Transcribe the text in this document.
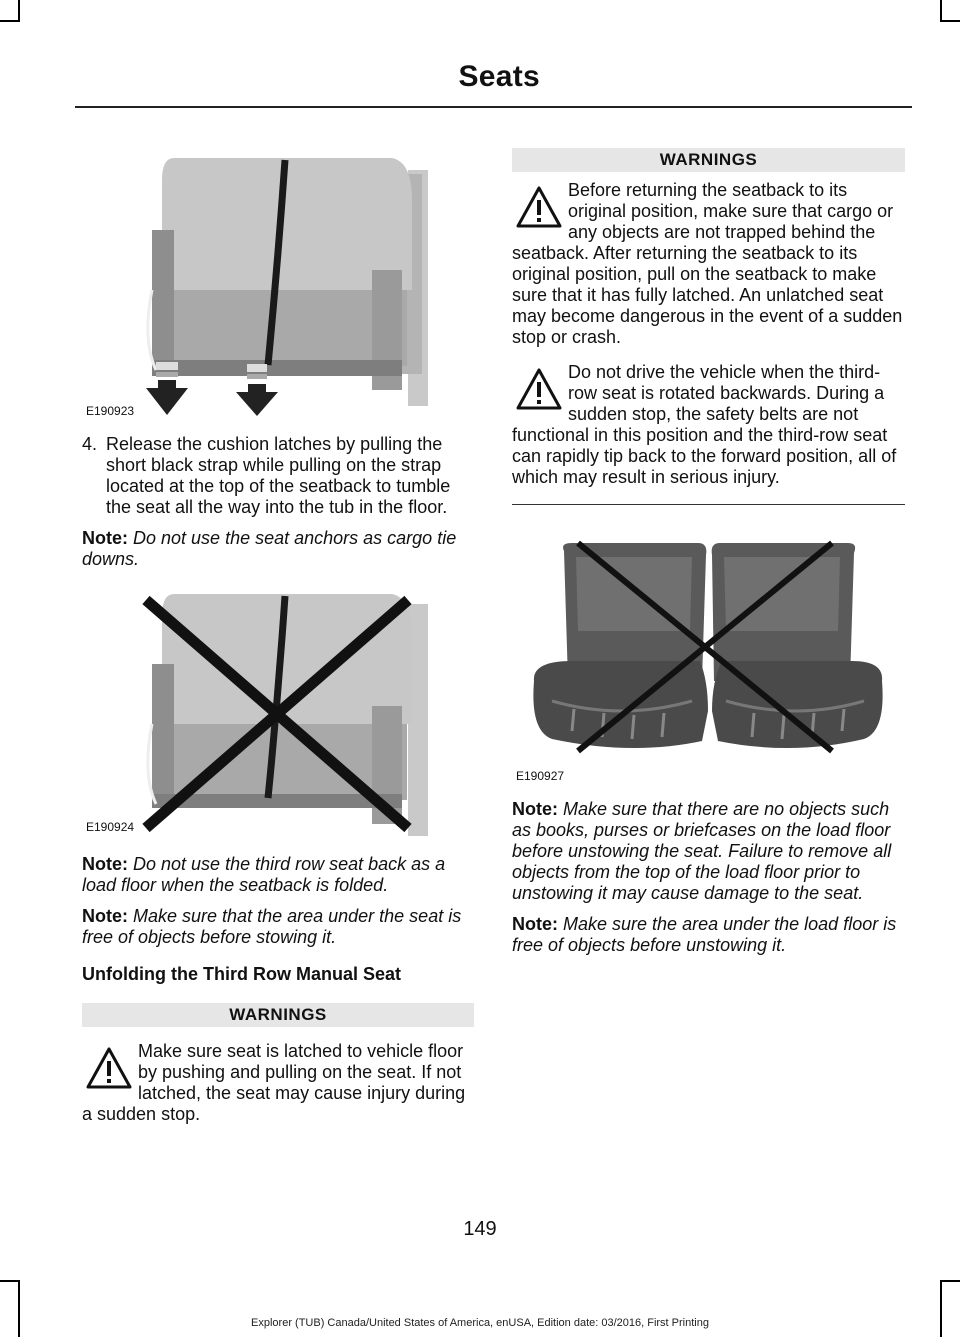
Seats
E190923
4. Release the cushion latches by pulling the short black strap while pulling on the strap located at the top of the seatback to tumble the seat all the way into the tub in the floor.

Note: Do not use the seat anchors as cargo tie downs.

E190924

Note: Do not use the third row seat back as a load floor when the seatback is folded.

Note: Make sure that the area under the seat is free of objects before stowing it.

Unfolding the Third Row Manual Seat
WARNINGS
Make sure seat is latched to vehicle floor by pushing and pulling on the seat. If not latched, the seat may cause injury during a sudden stop.
WARNINGS
Before returning the seatback to its original position, make sure that cargo or any objects are not trapped behind the seatback. After returning the seatback to its original position, pull on the seatback to make sure that it has fully latched. An unlatched seat may become dangerous in the event of a sudden stop or crash.
Do not drive the vehicle when the third-row seat is rotated backwards. During a sudden stop, the safety belts are not functional in this position and the third-row seat can rapidly tip back to the forward position, all of which may result in serious injury.
E190927

Note: Make sure that there are no objects such as books, purses or briefcases on the load floor before unstowing the seat. Failure to remove all objects from the top of the load floor prior to unstowing it may cause damage to the seat.

Note: Make sure the area under the load floor is free of objects before unstowing it.

149
Explorer (TUB) Canada/United States of America, enUSA, Edition date: 03/2016, First Printing
